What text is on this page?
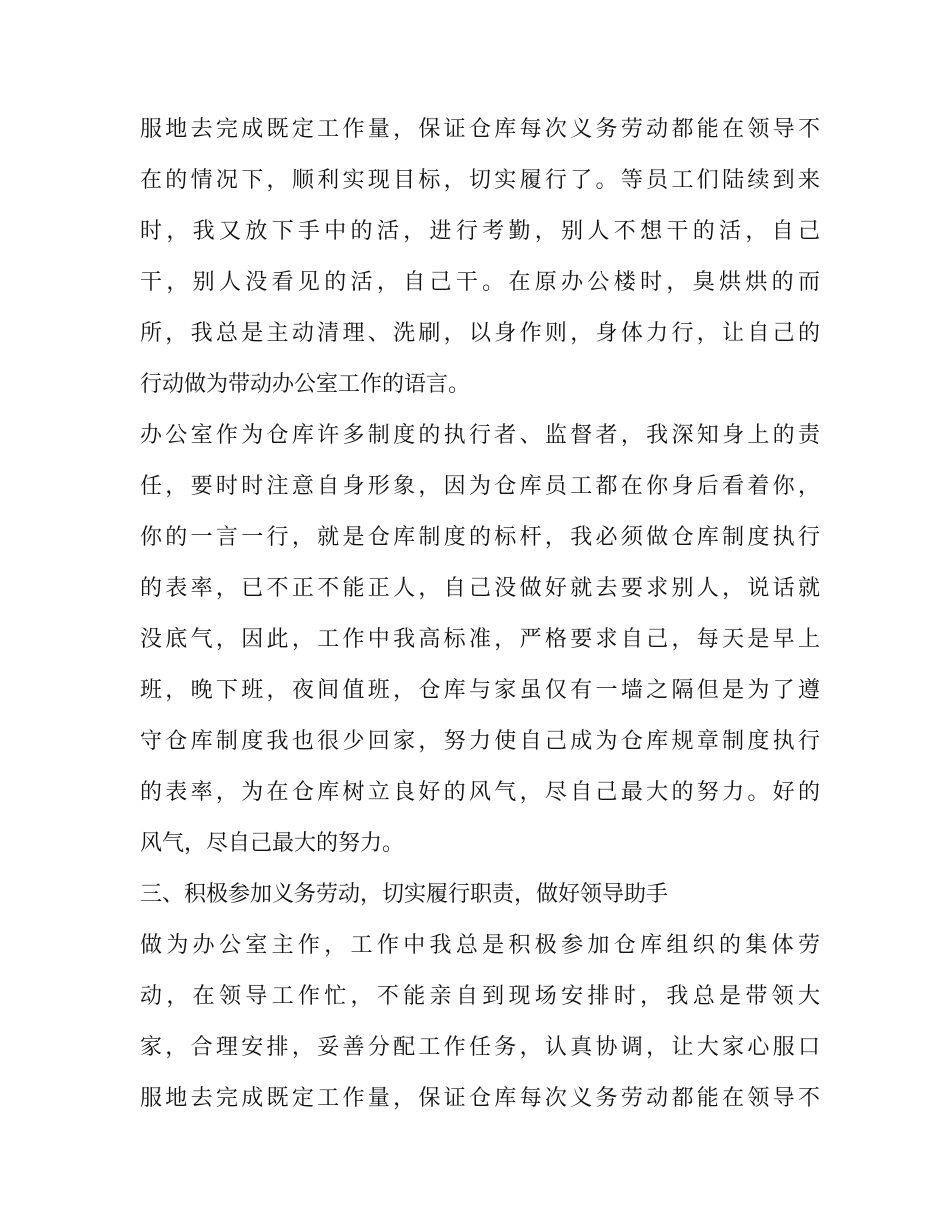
服地去完成既定工作量，保证仓库每次义务劳动都能在领导不
在的情况下，顺利实现目标，切实履行了。等员工们陆续到来
时，我又放下手中的活，进行考勤，别人不想干的活，自己
干，别人没看见的活，自己干。在原办公楼时，臭烘烘的而
所，我总是主动清理、洗刷，以身作则，身体力行，让自己的
行动做为带动办公室工作的语言。
办公室作为仓库许多制度的执行者、监督者，我深知身上的责
任，要时时注意自身形象，因为仓库员工都在你身后看着你，
你的一言一行，就是仓库制度的标杆，我必须做仓库制度执行
的表率，已不正不能正人，自己没做好就去要求别人，说话就
没底气，因此，工作中我高标准，严格要求自己，每天是早上
班，晚下班，夜间值班，仓库与家虽仅有一墙之隔但是为了遵
守仓库制度我也很少回家，努力使自己成为仓库规章制度执行
的表率，为在仓库树立良好的风气，尽自己最大的努力。好的
风气，尽自己最大的努力。
三、积极参加义务劳动，切实履行职责，做好领导助手
做为办公室主作，工作中我总是积极参加仓库组织的集体劳
动，在领导工作忙，不能亲自到现场安排时，我总是带领大
家，合理安排，妥善分配工作任务，认真协调，让大家心服口
服地去完成既定工作量，保证仓库每次义务劳动都能在领导不
